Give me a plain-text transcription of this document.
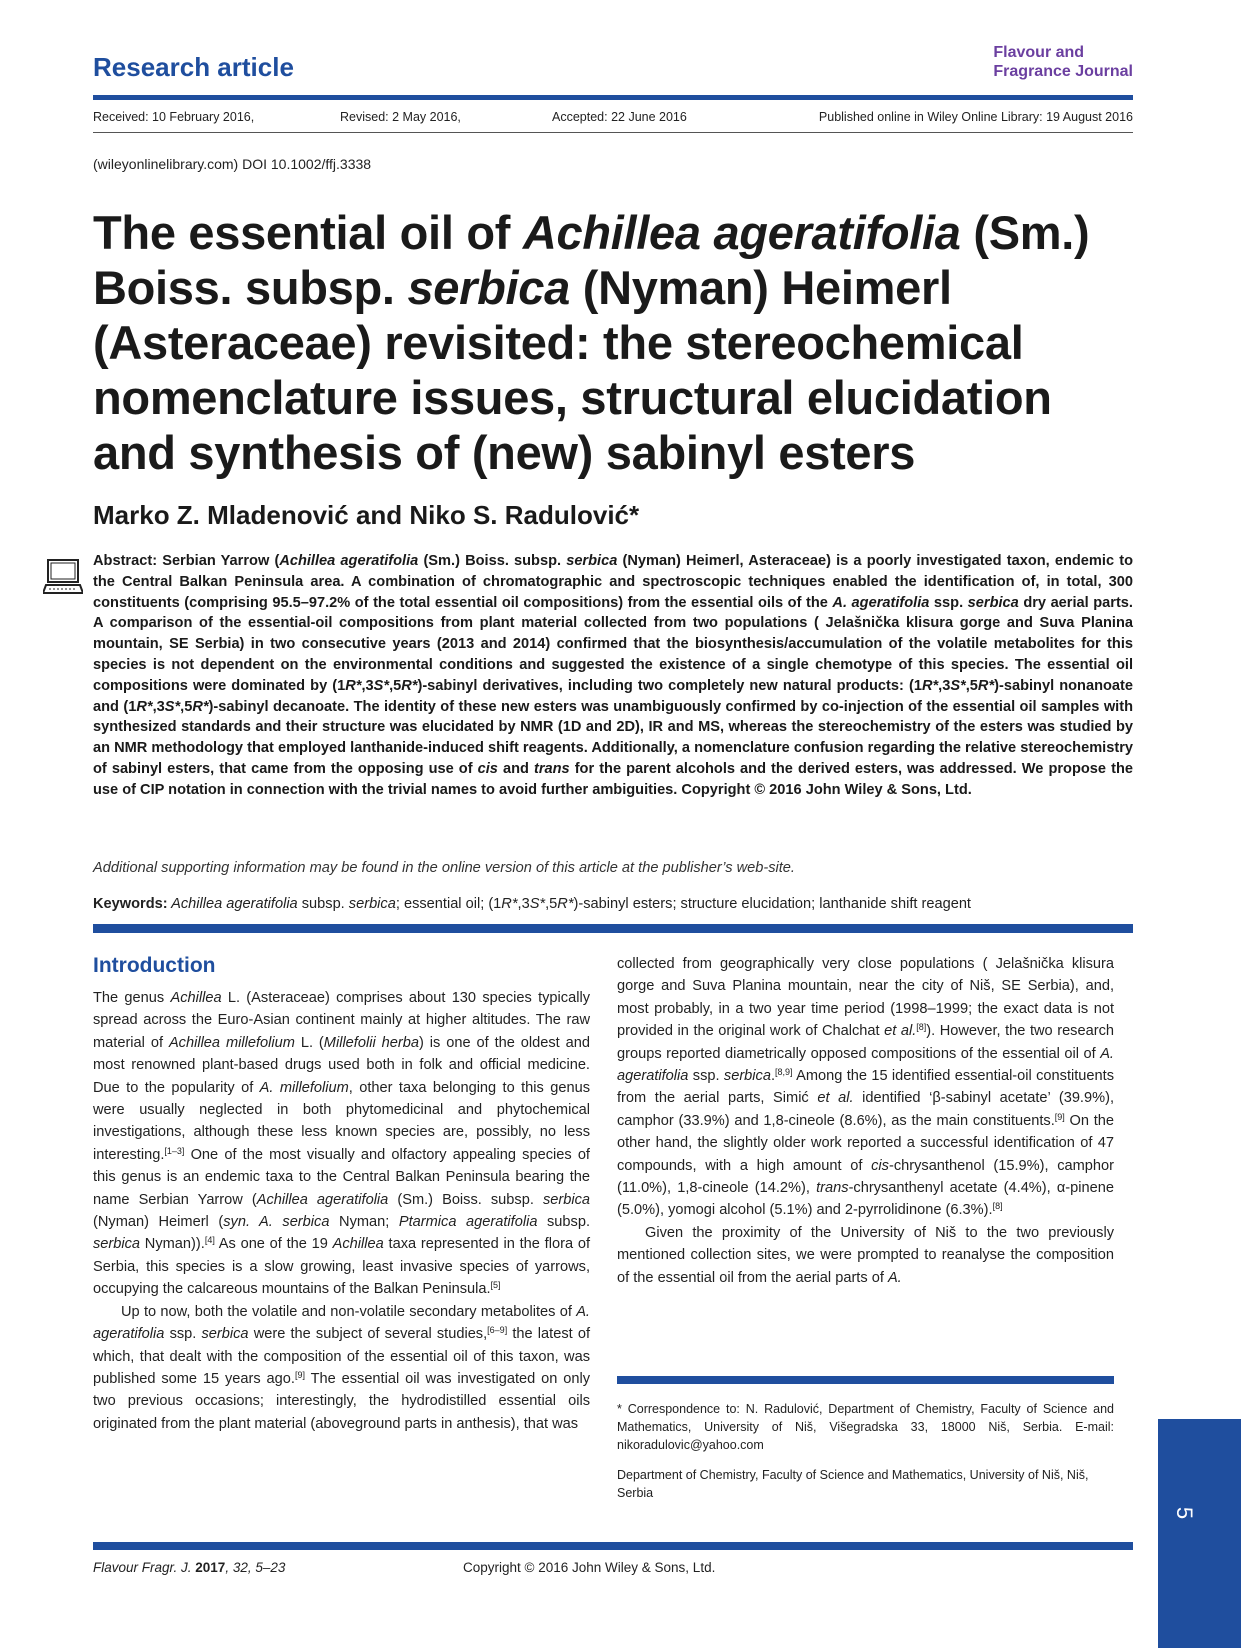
Research article	Flavour and
Fragrance Journal
Received: 10 February 2016,	Revised: 2 May 2016,	Accepted: 22 June 2016	Published online in Wiley Online Library: 19 August 2016
(wileyonlinelibrary.com) DOI 10.1002/ffj.3338
The essential oil of Achillea ageratifolia (Sm.) Boiss. subsp. serbica (Nyman) Heimerl (Asteraceae) revisited: the stereochemical nomenclature issues, structural elucidation and synthesis of (new) sabinyl esters
Marko Z. Mladenović and Niko S. Radulović*
Abstract: Serbian Yarrow (Achillea ageratifolia (Sm.) Boiss. subsp. serbica (Nyman) Heimerl, Asteraceae) is a poorly investigated taxon, endemic to the Central Balkan Peninsula area. A combination of chromatographic and spectroscopic techniques enabled the identification of, in total, 300 constituents (comprising 95.5–97.2% of the total essential oil compositions) from the essential oils of the A. ageratifolia ssp. serbica dry aerial parts. A comparison of the essential-oil compositions from plant material collected from two populations ( Jelašnička klisura gorge and Suva Planina mountain, SE Serbia) in two consecutive years (2013 and 2014) confirmed that the biosynthesis/accumulation of the volatile metabolites for this species is not dependent on the environmental conditions and suggested the existence of a single chemotype of this species. The essential oil compositions were dominated by (1R*,3S*,5R*)-sabinyl derivatives, including two completely new natural products: (1R*,3S*,5R*)-sabinyl nonanoate and (1R*,3S*,5R*)-sabinyl decanoate. The identity of these new esters was unambiguously confirmed by co-injection of the essential oil samples with synthesized standards and their structure was elucidated by NMR (1D and 2D), IR and MS, whereas the stereochemistry of the esters was studied by an NMR methodology that employed lanthanide-induced shift reagents. Additionally, a nomenclature confusion regarding the relative stereochemistry of sabinyl esters, that came from the opposing use of cis and trans for the parent alcohols and the derived esters, was addressed. We propose the use of CIP notation in connection with the trivial names to avoid further ambiguities. Copyright © 2016 John Wiley & Sons, Ltd.
Additional supporting information may be found in the online version of this article at the publisher’s web-site.
Keywords: Achillea ageratifolia subsp. serbica; essential oil; (1R*,3S*,5R*)-sabinyl esters; structure elucidation; lanthanide shift reagent
Introduction

The genus Achillea L. (Asteraceae) comprises about 130 species typically spread across the Euro-Asian continent mainly at higher altitudes. The raw material of Achillea millefolium L. (Millefolii herba) is one of the oldest and most renowned plant-based drugs used both in folk and official medicine. Due to the popularity of A. millefolium, other taxa belonging to this genus were usually neglected in both phytomedicinal and phytochemical investigations, although these less known species are, possibly, no less interesting.[1–3] One of the most visually and olfactory appealing species of this genus is an endemic taxa to the Central Balkan Peninsula bearing the name Serbian Yarrow (Achillea ageratifolia (Sm.) Boiss. subsp. serbica (Nyman) Heimerl (syn. A. serbica Nyman; Ptarmica ageratifolia subsp. serbica Nyman)).[4] As one of the 19 Achillea taxa represented in the flora of Serbia, this species is a slow growing, least invasive species of yarrows, occupying the calcareous mountains of the Balkan Peninsula.[5]

Up to now, both the volatile and non-volatile secondary metabolites of A. ageratifolia ssp. serbica were the subject of several studies,[6–9] the latest of which, that dealt with the composition of the essential oil of this taxon, was published some 15 years ago.[9] The essential oil was investigated on only two previous occasions; interestingly, the hydrodistilled essential oils originated from the plant material (aboveground parts in anthesis), that was

collected from geographically very close populations ( Jelašnička klisura gorge and Suva Planina mountain, near the city of Niš, SE Serbia), and, most probably, in a two year time period (1998–1999; the exact data is not provided in the original work of Chalchat et al.[8]). However, the two research groups reported diametrically opposed compositions of the essential oil of A. ageratifolia ssp. serbica.[8,9] Among the 15 identified essential-oil constituents from the aerial parts, Simić et al. identified ‘β-sabinyl acetate’ (39.9%), camphor (33.9%) and 1,8-cineole (8.6%), as the main constituents.[9] On the other hand, the slightly older work reported a successful identification of 47 compounds, with a high amount of cis-chrysanthenol (15.9%), camphor (11.0%), 1,8-cineole (14.2%), trans-chrysanthenyl acetate (4.4%), α-pinene (5.0%), yomogi alcohol (5.1%) and 2-pyrrolidinone (6.3%).[8]

Given the proximity of the University of Niš to the two previously mentioned collection sites, we were prompted to reanalyse the composition of the essential oil from the aerial parts of A.

* Correspondence to: N. Radulović, Department of Chemistry, Faculty of Science and Mathematics, University of Niš, Višegradska 33, 18000 Niš, Serbia. E-mail: nikoradulovic@yahoo.com
Department of Chemistry, Faculty of Science and Mathematics, University of Niš, Niš, Serbia
Flavour Fragr. J. 2017, 32, 5–23	Copyright © 2016 John Wiley & Sons, Ltd.
5
